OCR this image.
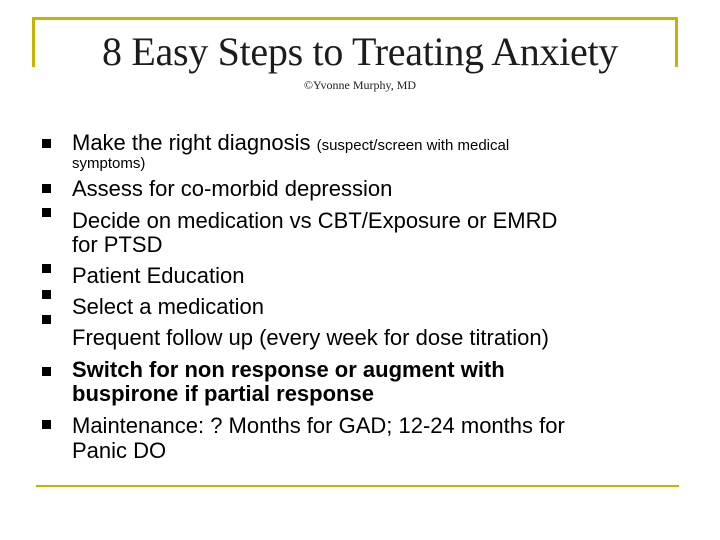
8 Easy Steps to Treating Anxiety
©Yvonne Murphy, MD
Make the right diagnosis (suspect/screen with medical
symptoms)
Assess for co-morbid depression
Decide on medication vs CBT/Exposure or EMRD
for PTSD
Patient Education
Select a medication
Frequent follow up (every week for dose titration)
Switch for non response or augment with
buspirone if partial response
Maintenance: ? Months for GAD; 12-24 months for
Panic DO
